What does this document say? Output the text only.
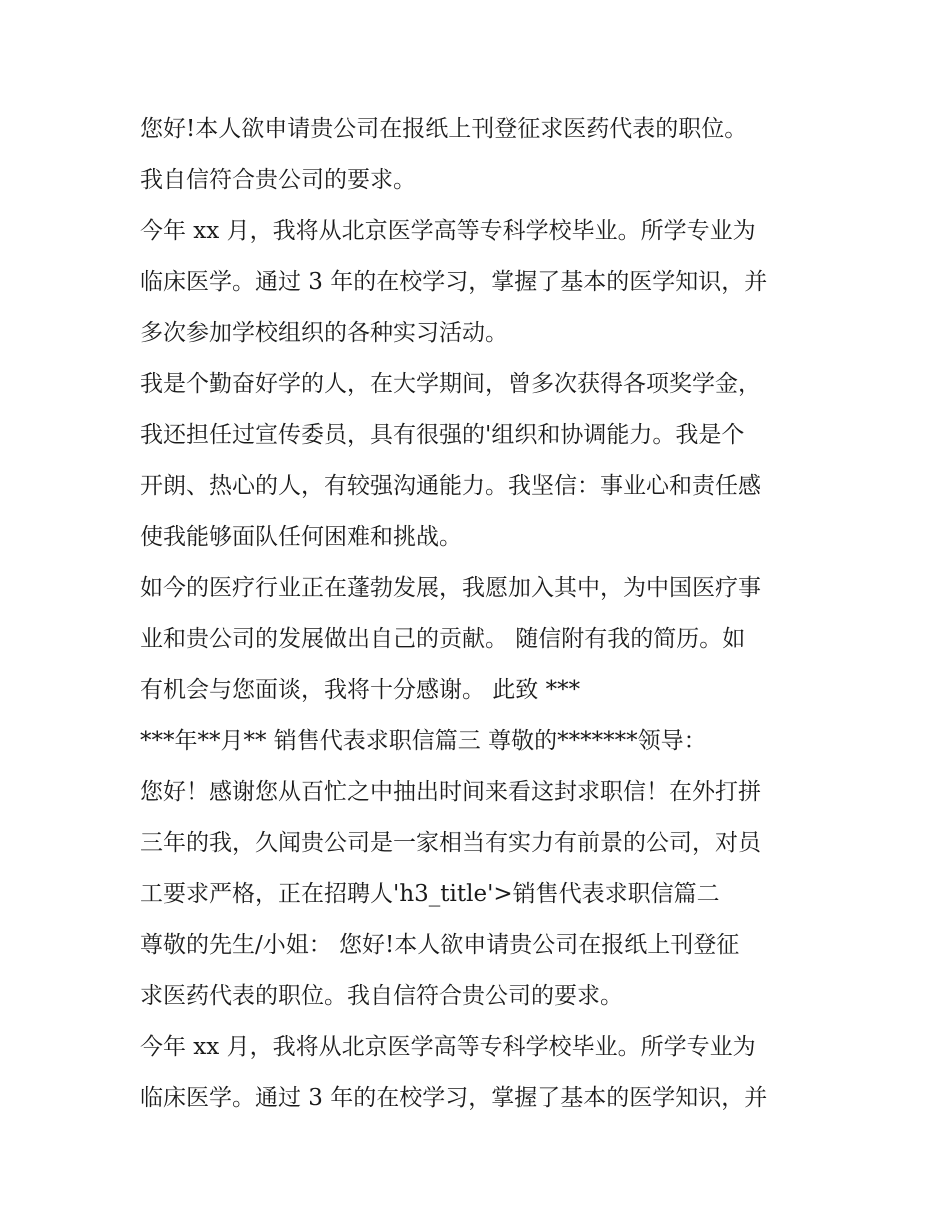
您好!本人欲申请贵公司在报纸上刊登征求医药代表的职位。
我自信符合贵公司的要求。
今年 xx 月，我将从北京医学高等专科学校毕业。所学专业为
临床医学。通过 3 年的在校学习，掌握了基本的医学知识，并
多次参加学校组织的各种实习活动。
我是个勤奋好学的人，在大学期间，曾多次获得各项奖学金，
我还担任过宣传委员，具有很强的'组织和协调能力。我是个
开朗、热心的人，有较强沟通能力。我坚信：事业心和责任感
使我能够面队任何困难和挑战。
如今的医疗行业正在蓬勃发展，我愿加入其中，为中国医疗事
业和贵公司的发展做出自己的贡献。 随信附有我的简历。如
有机会与您面谈，我将十分感谢。 此致 ***
***年**月** 销售代表求职信篇三 尊敬的*******领导：
您好！感谢您从百忙之中抽出时间来看这封求职信！在外打拼
三年的我，久闻贵公司是一家相当有实力有前景的公司，对员
工要求严格，正在招聘人'h3_title'>销售代表求职信篇二
尊敬的先生/小姐： 您好!本人欲申请贵公司在报纸上刊登征
求医药代表的职位。我自信符合贵公司的要求。
今年 xx 月，我将从北京医学高等专科学校毕业。所学专业为
临床医学。通过 3 年的在校学习，掌握了基本的医学知识，并
